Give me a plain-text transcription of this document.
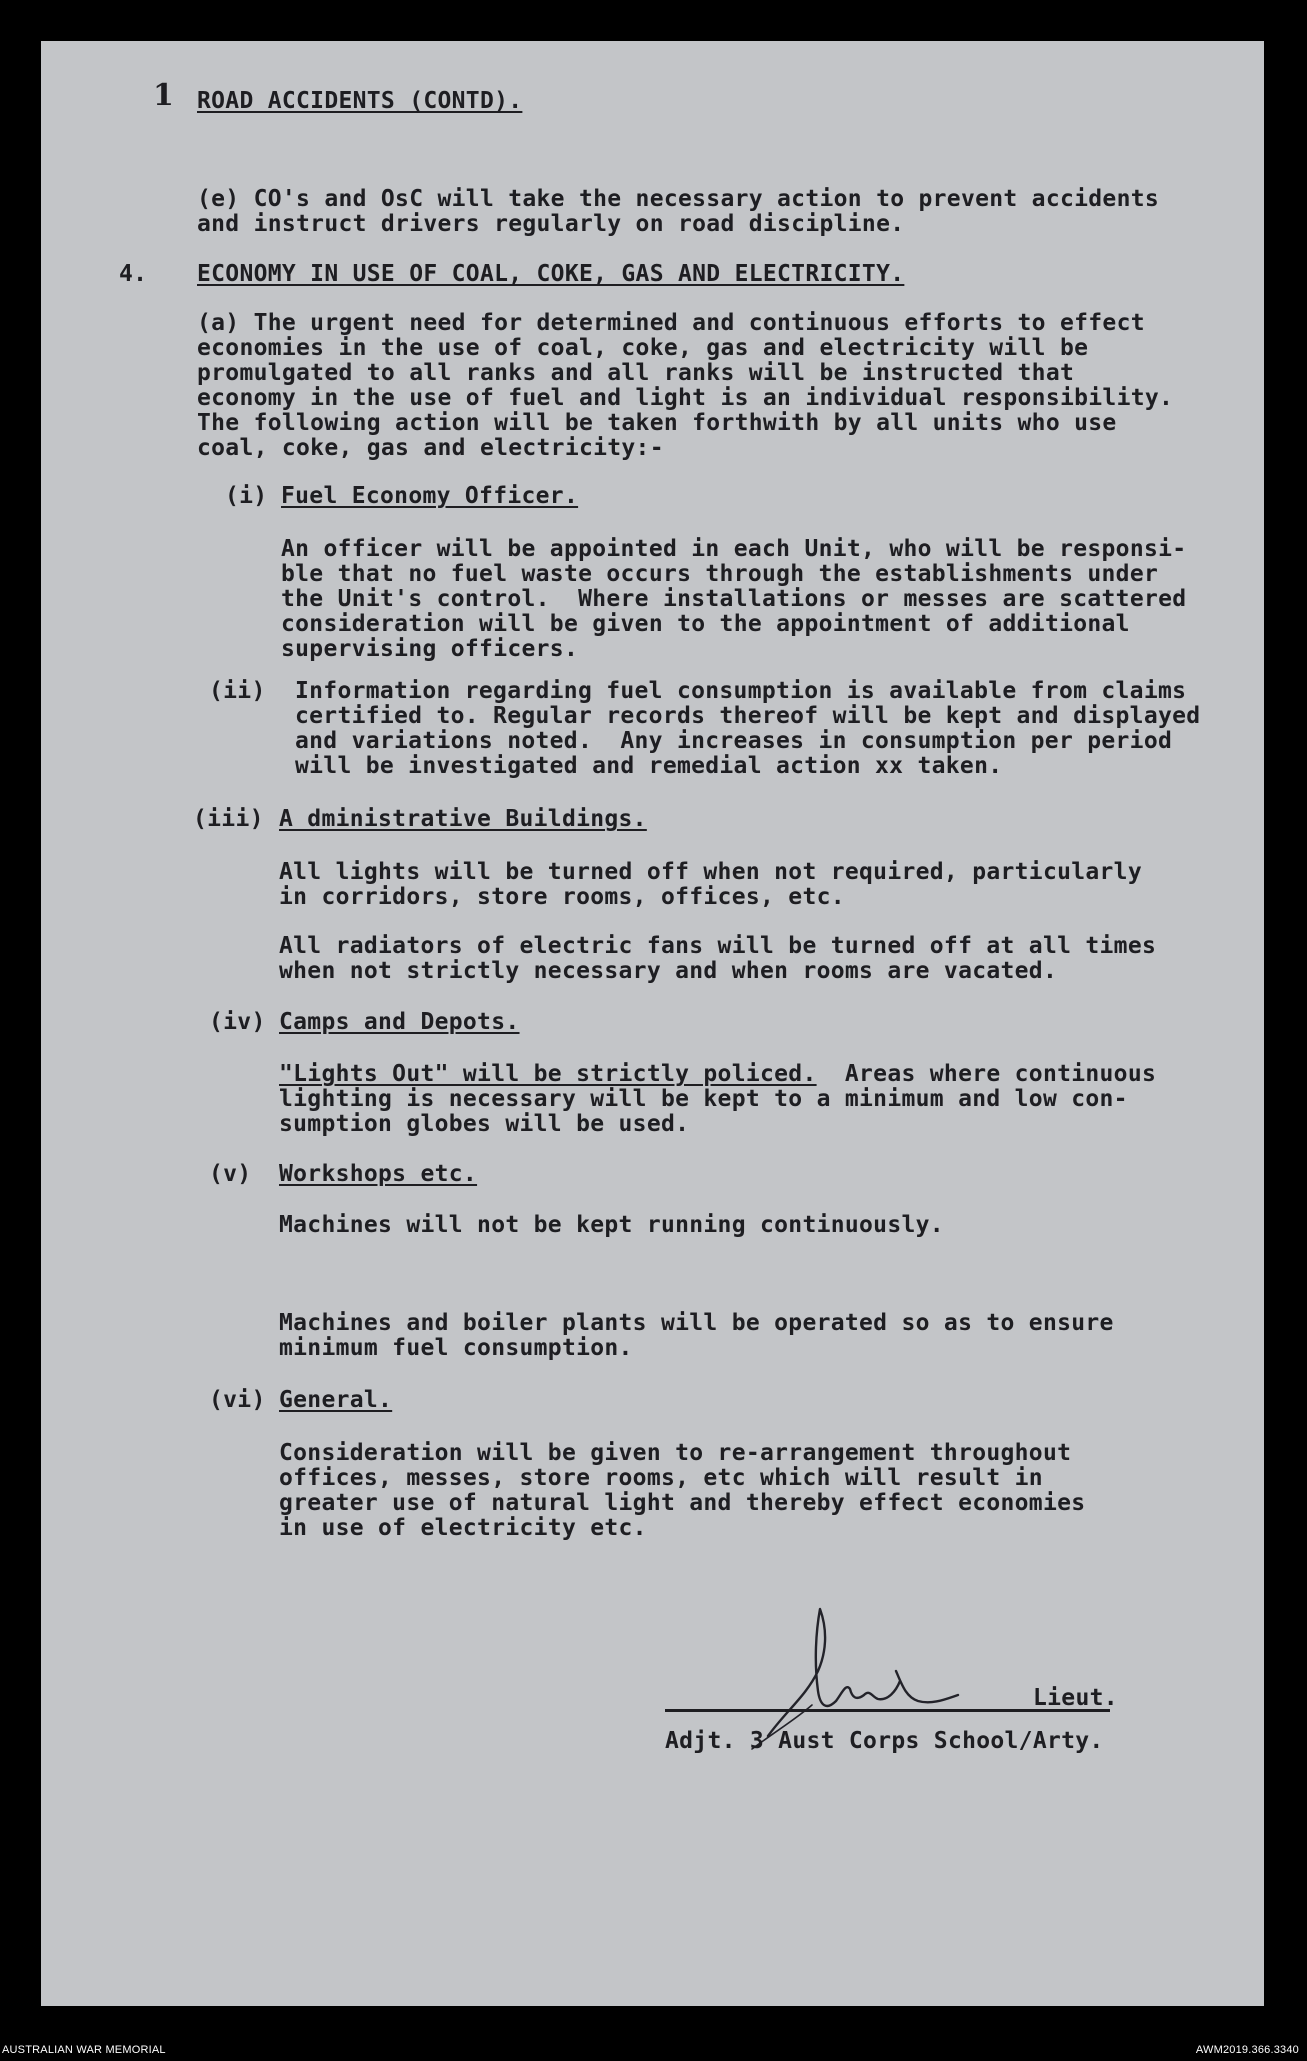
1 ROAD ACCIDENTS (CONTD).

(e) CO's and OsC will take the necessary action to prevent accidents
and instruct drivers regularly on road discipline.

4. ECONOMY IN USE OF COAL, COKE, GAS AND ELECTRICITY.

(a) The urgent need for determined and continuous efforts to effect
economies in the use of coal, coke, gas and electricity will be
promulgated to all ranks and all ranks will be instructed that
economy in the use of fuel and light is an individual responsibility.
The following action will be taken forthwith by all units who use
coal, coke, gas and electricity:-

(i) Fuel Economy Officer.

An officer will be appointed in each Unit, who will be responsi-
ble that no fuel waste occurs through the establishments under
the Unit's control.  Where installations or messes are scattered
consideration will be given to the appointment of additional
supervising officers.

(ii) Information regarding fuel consumption is available from claims
certified to. Regular records thereof will be kept and displayed
and variations noted.  Any increases in consumption per period
will be investigated and remedial action xx taken.

(iii) A dministrative Buildings.

All lights will be turned off when not required, particularly
in corridors, store rooms, offices, etc.

All radiators of electric fans will be turned off at all times
when not strictly necessary and when rooms are vacated.

(iv) Camps and Depots.

"Lights Out" will be strictly policed.  Areas where continuous
lighting is necessary will be kept to a minimum and low con-
sumption globes will be used.

(v) Workshops etc.

Machines will not be kept running continuously.

Machines and boiler plants will be operated so as to ensure
minimum fuel consumption.

(vi) General.

Consideration will be given to re-arrangement throughout
offices, messes, store rooms, etc which will result in
greater use of natural light and thereby effect economies
in use of electricity etc.

Lieut.

Adjt. 3 Aust Corps School/Arty.

AUSTRALIAN WAR MEMORIAL	AWM2019.366.3340
